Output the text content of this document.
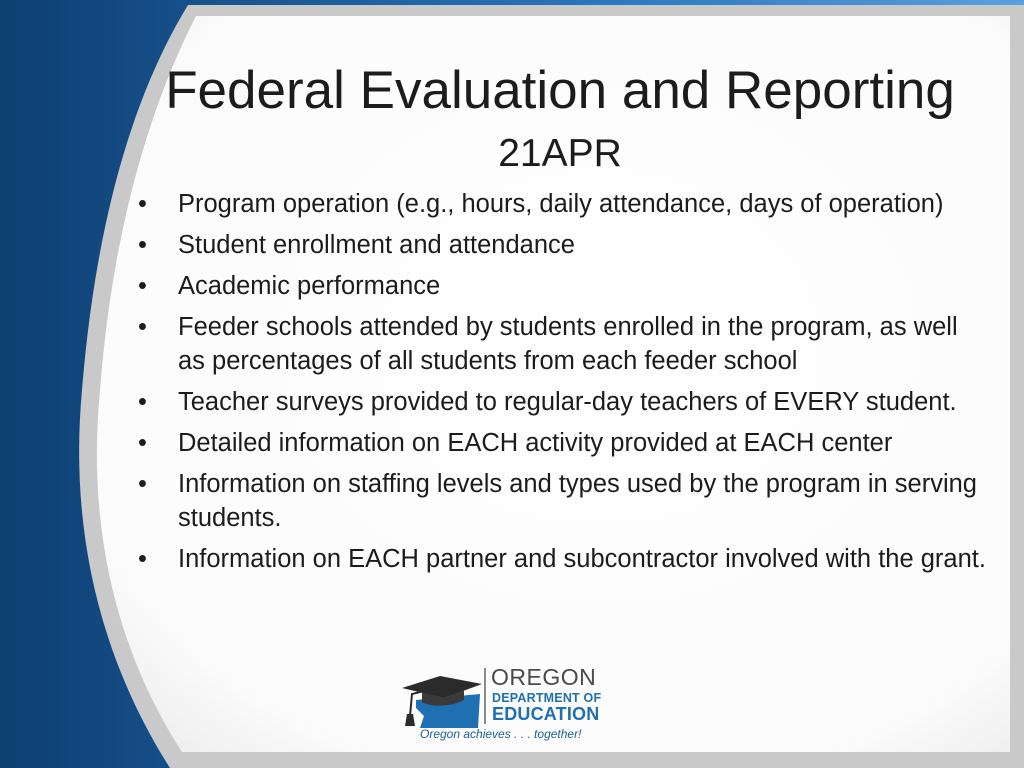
Federal Evaluation and Reporting
21APR
• Program operation (e.g., hours, daily attendance, days of operation)
• Student enrollment and attendance
• Academic performance
• Feeder schools attended by students enrolled in the program, as well as percentages of all students from each feeder school
• Teacher surveys provided to regular-day teachers of EVERY student.
• Detailed information on EACH activity provided at EACH center
• Information on staffing levels and types used by the program in serving students.
• Information on EACH partner and subcontractor involved with the grant.
OREGON
DEPARTMENT OF
EDUCATION
Oregon achieves . . . together!
